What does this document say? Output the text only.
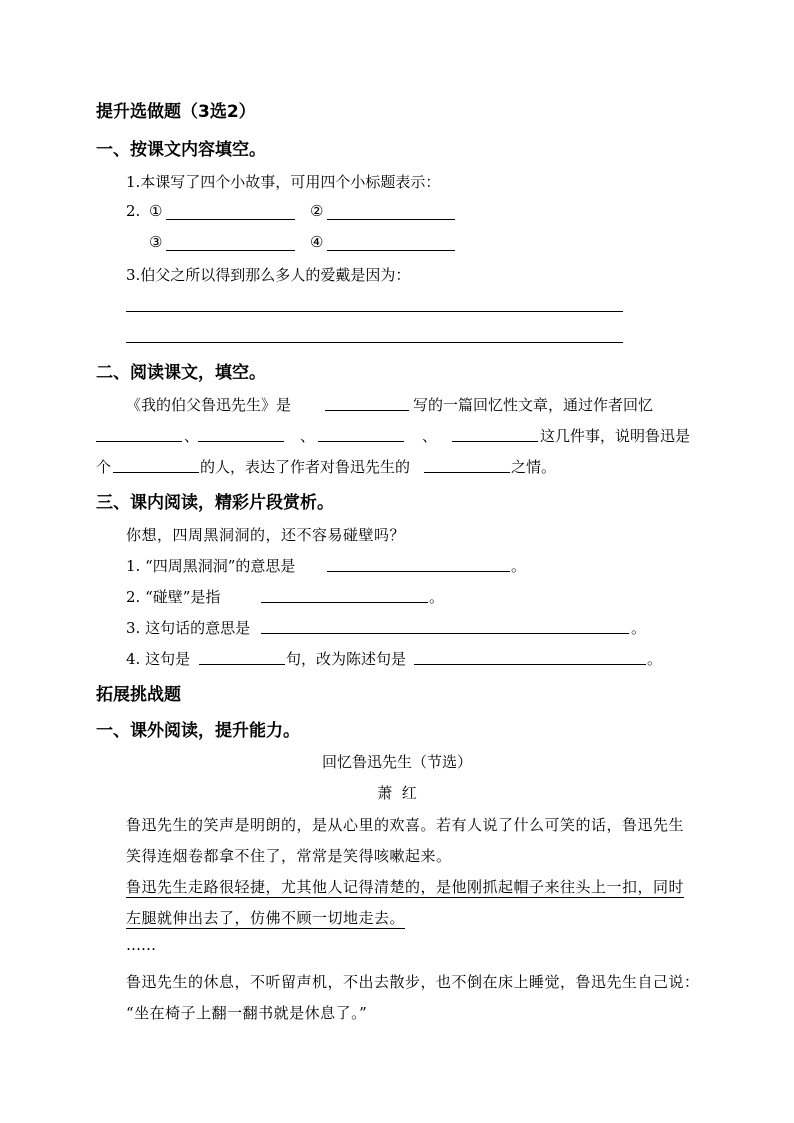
提升选做题（3选2）
一、按课文内容填空。
1.本课写了四个小故事，可用四个小标题表示：
2. ①	②
③	④
3.伯父之所以得到那么多人的爱戴是因为：
二、阅读课文，填空。
《我的伯父鲁迅先生》是	写的一篇回忆性文章，通过作者回忆
、	、	、	这几件事，说明鲁迅是
个	的人，表达了作者对鲁迅先生的	之情。
三、课内阅读，精彩片段赏析。
你想，四周黑洞洞的，还不容易碰壁吗？
1. “四周黑洞洞”的意思是	。
2. “碰壁”是指	。
3. 这句话的意思是	。
4. 这句是	句，改为陈述句是	。
拓展挑战题
一、课外阅读，提升能力。
回忆鲁迅先生（节选）
萧  红
鲁迅先生的笑声是明朗的，是从心里的欢喜。若有人说了什么可笑的话，鲁迅先生
笑得连烟卷都拿不住了，常常是笑得咳嗽起来。
鲁迅先生走路很轻捷，尤其他人记得清楚的，是他刚抓起帽子来往头上一扣，同时
左腿就伸出去了，仿佛不顾一切地走去。
……
鲁迅先生的休息，不听留声机，不出去散步，也不倒在床上睡觉，鲁迅先生自己说：
“坐在椅子上翻一翻书就是休息了。”
